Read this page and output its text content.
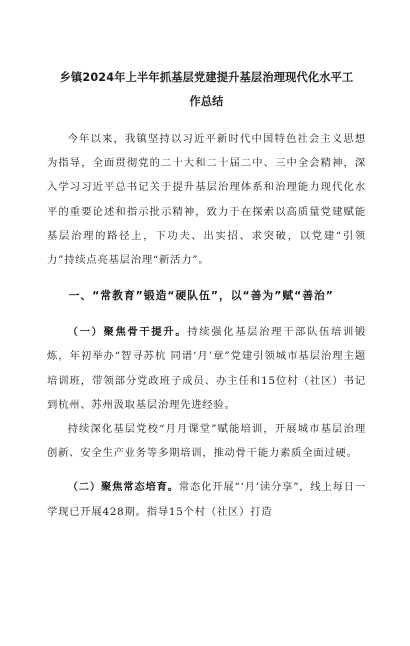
乡镇2024年上半年抓基层党建提升基层治理现代化水平工
作总结

今年以来，我镇坚持以习近平新时代中国特色社会主义思想为指导，全面贯彻党的二十大和二十届二中、三中全会精神，深入学习习近平总书记关于提升基层治理体系和治理能力现代化水平的重要论述和指示批示精神，致力于在探索以高质量党建赋能基层治理的路径上，下功夫、出实招、求突破，以党建“引领力”持续点亮基层治理“新活力”。

一、“常教育”锻造“硬队伍”，以“善为”赋“善治”

（一）聚焦骨干提升。持续强化基层治理干部队伍培训锻炼，年初举办“智寻苏杭 同谱‘月’章”党建引领城市基层治理主题培训班，带领部分党政班子成员、办主任和15位村（社区）书记到杭州、苏州汲取基层治理先进经验。

持续深化基层党校“月月课堂”赋能培训，开展城市基层治理创新、安全生产业务等多期培训，推动骨干能力素质全面过硬。

（二）聚焦常态培育。常态化开展“‘月’读分享”，线上每日一学现已开展428期。指导15个村（社区）打造
